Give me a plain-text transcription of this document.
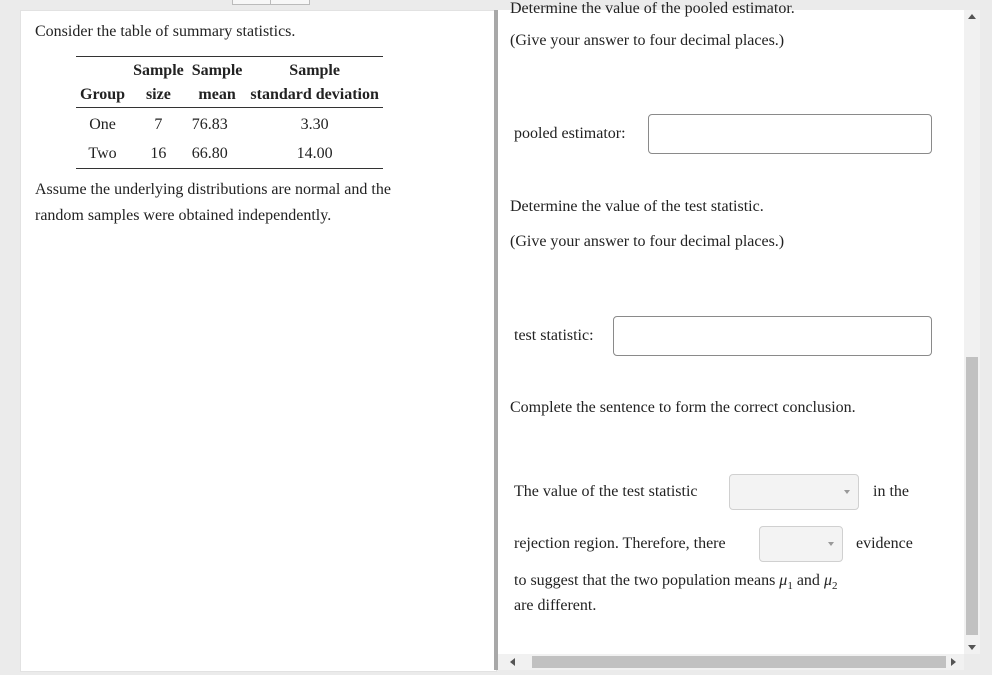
Consider the table of summary statistics.
	Sample	Sample	Sample
Group	size	mean	standard deviation
One	7	76.83	3.30
Two	16	66.80	14.00
Assume the underlying distributions are normal and the
random samples were obtained independently.
Determine the value of the pooled estimator.
(Give your answer to four decimal places.)
pooled estimator:
Determine the value of the test statistic.
(Give your answer to four decimal places.)
test statistic:
Complete the sentence to form the correct conclusion.
The value of the test statistic	in the
rejection region. Therefore, there	evidence
to suggest that the two population means $\mu_1$ and $\mu_2$
are different.
